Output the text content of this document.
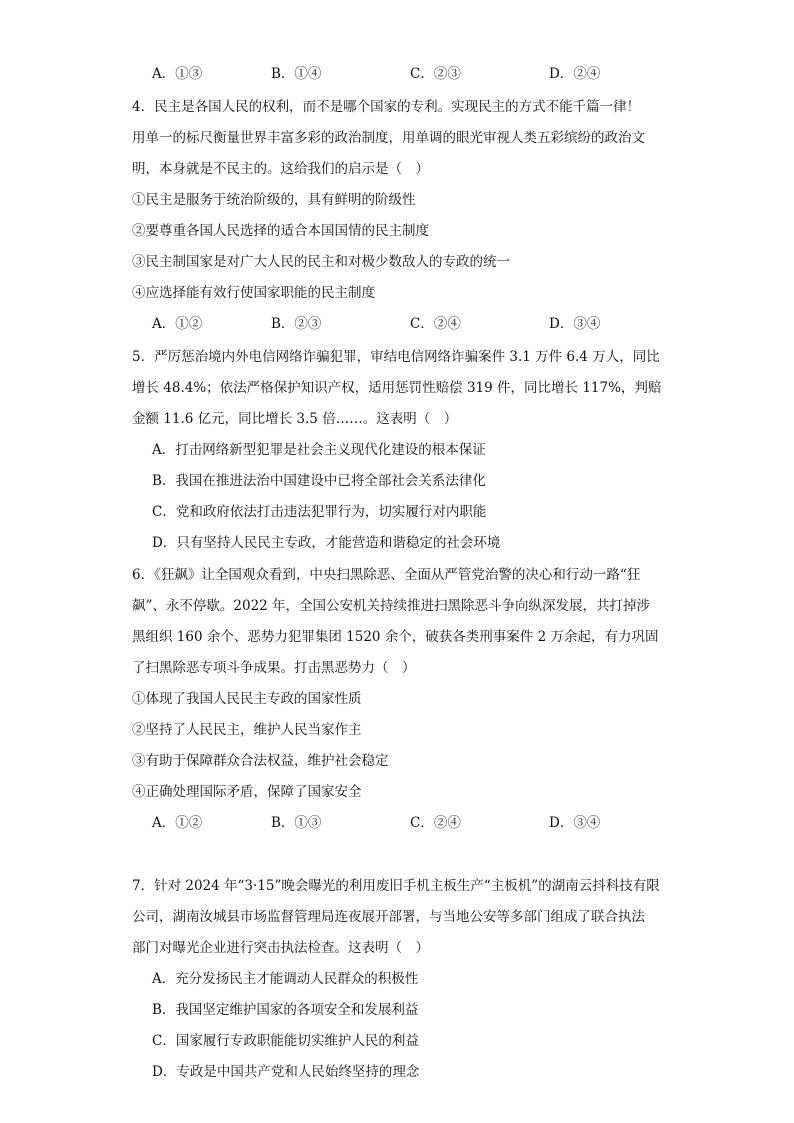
A．①③	B．①④	C．②③	D．②④
4．民主是各国人民的权利，而不是哪个国家的专利。实现民主的方式不能千篇一律！
用单一的标尺衡量世界丰富多彩的政治制度，用单调的眼光审视人类五彩缤纷的政治文
明，本身就是不民主的。这给我们的启示是（　）
①民主是服务于统治阶级的，具有鲜明的阶级性
②要尊重各国人民选择的适合本国国情的民主制度
③民主制国家是对广大人民的民主和对极少数敌人的专政的统一
④应选择能有效行使国家职能的民主制度
A．①②	B．②③	C．②④	D．③④
5．严厉惩治境内外电信网络诈骗犯罪，审结电信网络诈骗案件 3.1 万件 6.4 万人，同比
增长 48.4%；依法严格保护知识产权，适用惩罚性赔偿 319 件，同比增长 117%，判赔
金额 11.6 亿元，同比增长 3.5 倍……。这表明（　）
A．打击网络新型犯罪是社会主义现代化建设的根本保证
B．我国在推进法治中国建设中已将全部社会关系法律化
C．党和政府依法打击违法犯罪行为，切实履行对内职能
D．只有坚持人民民主专政，才能营造和谐稳定的社会环境
6．《狂飙》让全国观众看到，中央扫黑除恶、全面从严管党治警的决心和行动一路“狂
飙”、永不停歇。2022 年，全国公安机关持续推进扫黑除恶斗争向纵深发展，共打掉涉
黑组织 160 余个、恶势力犯罪集团 1520 余个，破获各类刑事案件 2 万余起，有力巩固
了扫黑除恶专项斗争成果。打击黑恶势力（　）
①体现了我国人民民主专政的国家性质
②坚持了人民民主，维护人民当家作主
③有助于保障群众合法权益，维护社会稳定
④正确处理国际矛盾，保障了国家安全
A．①②	B．①③	C．②④	D．③④
7．针对 2024 年“3·15”晚会曝光的利用废旧手机主板生产“主板机”的湖南云抖科技有限
公司，湖南汝城县市场监督管理局连夜展开部署，与当地公安等多部门组成了联合执法
部门对曝光企业进行突击执法检查。这表明（　）
A．充分发扬民主才能调动人民群众的积极性
B．我国坚定维护国家的各项安全和发展利益
C．国家履行专政职能能切实维护人民的利益
D．专政是中国共产党和人民始终坚持的理念
